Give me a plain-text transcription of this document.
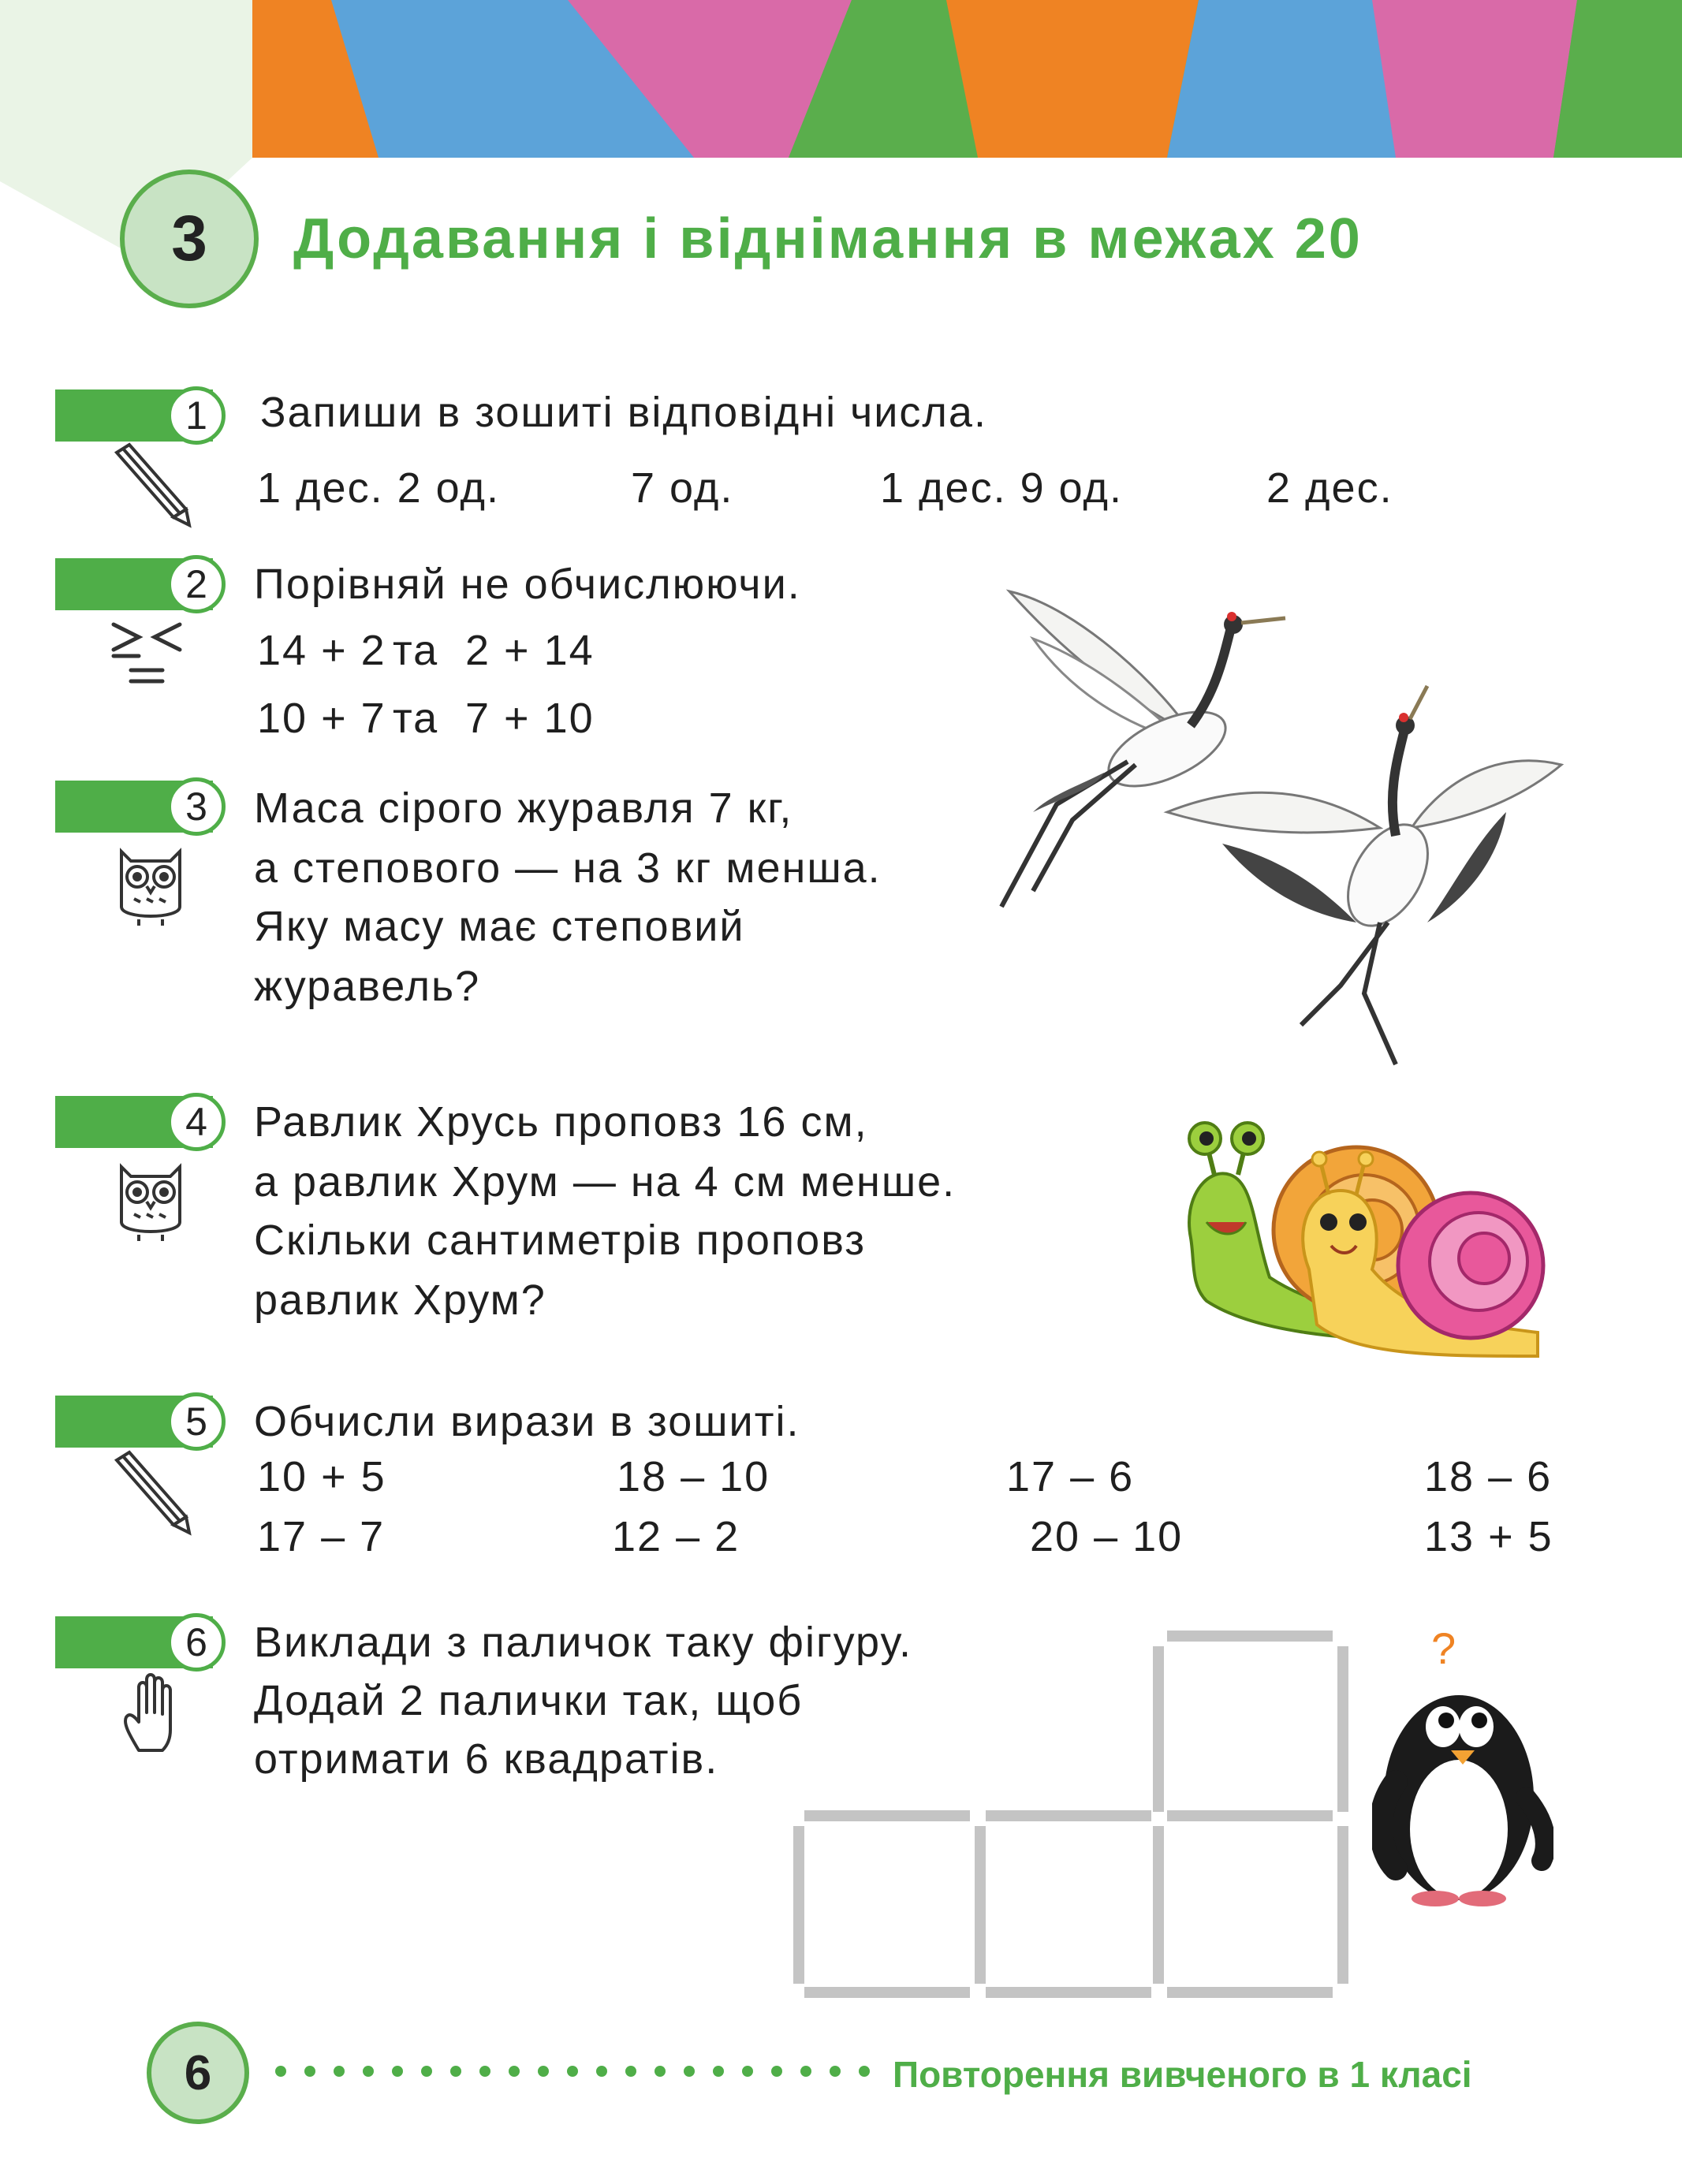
3	Додавання і віднімання в межах 20
1	Запиши в зошиті відповідні числа.
1 дес. 2 од.	7 од.	1 дес. 9 од.	2 дес.
2	Порівняй не обчислюючи.
14 + 2 та 2 + 14
10 + 7 та 7 + 10
3	Маса сірого журавля 7 кг,
а степового — на 3 кг менша.
Яку масу має степовий
журавель?
4	Равлик Хрусь проповз 16 см,
а равлик Хрум — на 4 см менше.
Скільки сантиметрів проповз
равлик Хрум?
5	Обчисли вирази в зошиті.
10 + 5	18 – 10	17 – 6	18 – 6
17 – 7	12 – 2	20 – 10	13 + 5
6	Виклади з паличок таку фігуру.
Додай 2 палички так, щоб
отримати 6 квадратів.
?
6	Повторення вивченого в 1 класі
